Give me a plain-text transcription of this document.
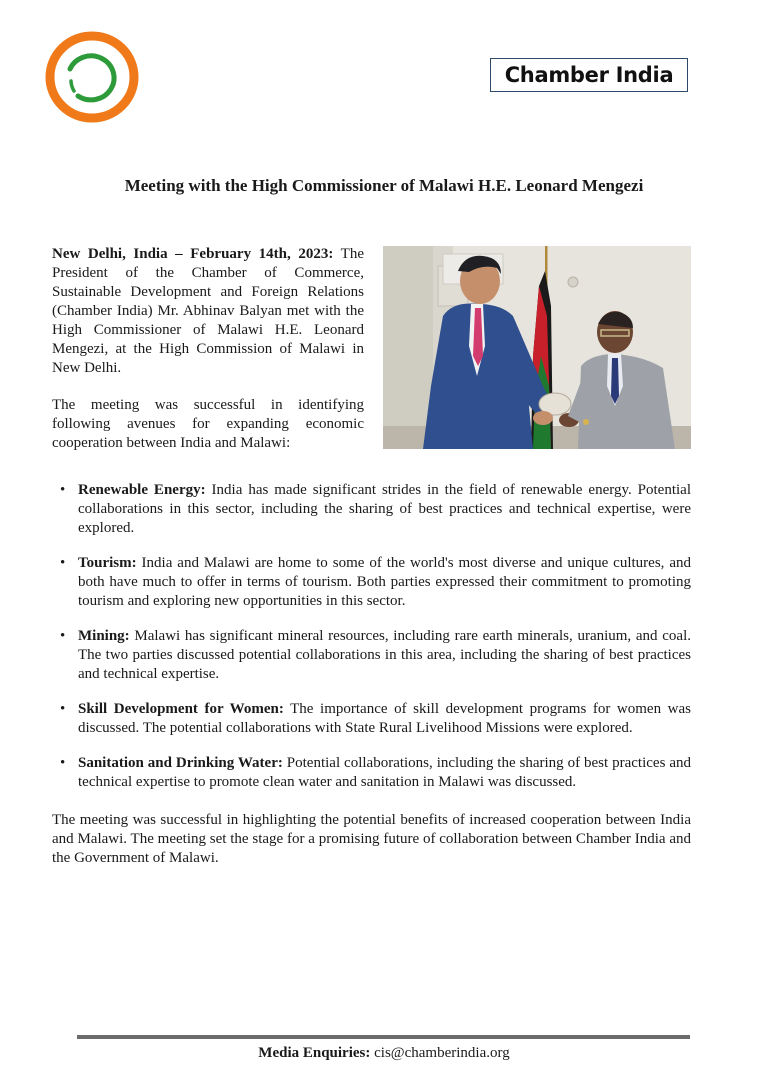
Chamber India
Meeting with the High Commissioner of Malawi H.E. Leonard Mengezi

New Delhi, India – February 14th, 2023: The President of the Chamber of Commerce, Sustainable Development and Foreign Relations (Chamber India) Mr. Abhinav Balyan met with the High Commissioner of Malawi H.E. Leonard Mengezi, at the High Commission of Malawi in New Delhi.

The meeting was successful in identifying following avenues for expanding economic cooperation between India and Malawi:

• Renewable Energy: India has made significant strides in the field of renewable energy. Potential collaborations in this sector, including the sharing of best practices and technical expertise, were explored.
• Tourism: India and Malawi are home to some of the world's most diverse and unique cultures, and both have much to offer in terms of tourism. Both parties expressed their commitment to promoting tourism and exploring new opportunities in this sector.
• Mining: Malawi has significant mineral resources, including rare earth minerals, uranium, and coal. The two parties discussed potential collaborations in this area, including the sharing of best practices and technical expertise.
• Skill Development for Women: The importance of skill development programs for women was discussed. The potential collaborations with State Rural Livelihood Missions were explored.
• Sanitation and Drinking Water: Potential collaborations, including the sharing of best practices and technical expertise to promote clean water and sanitation in Malawi was discussed.

The meeting was successful in highlighting the potential benefits of increased cooperation between India and Malawi. The meeting set the stage for a promising future of collaboration between Chamber India and the Government of Malawi.

Media Enquiries: cis@chamberindia.org
